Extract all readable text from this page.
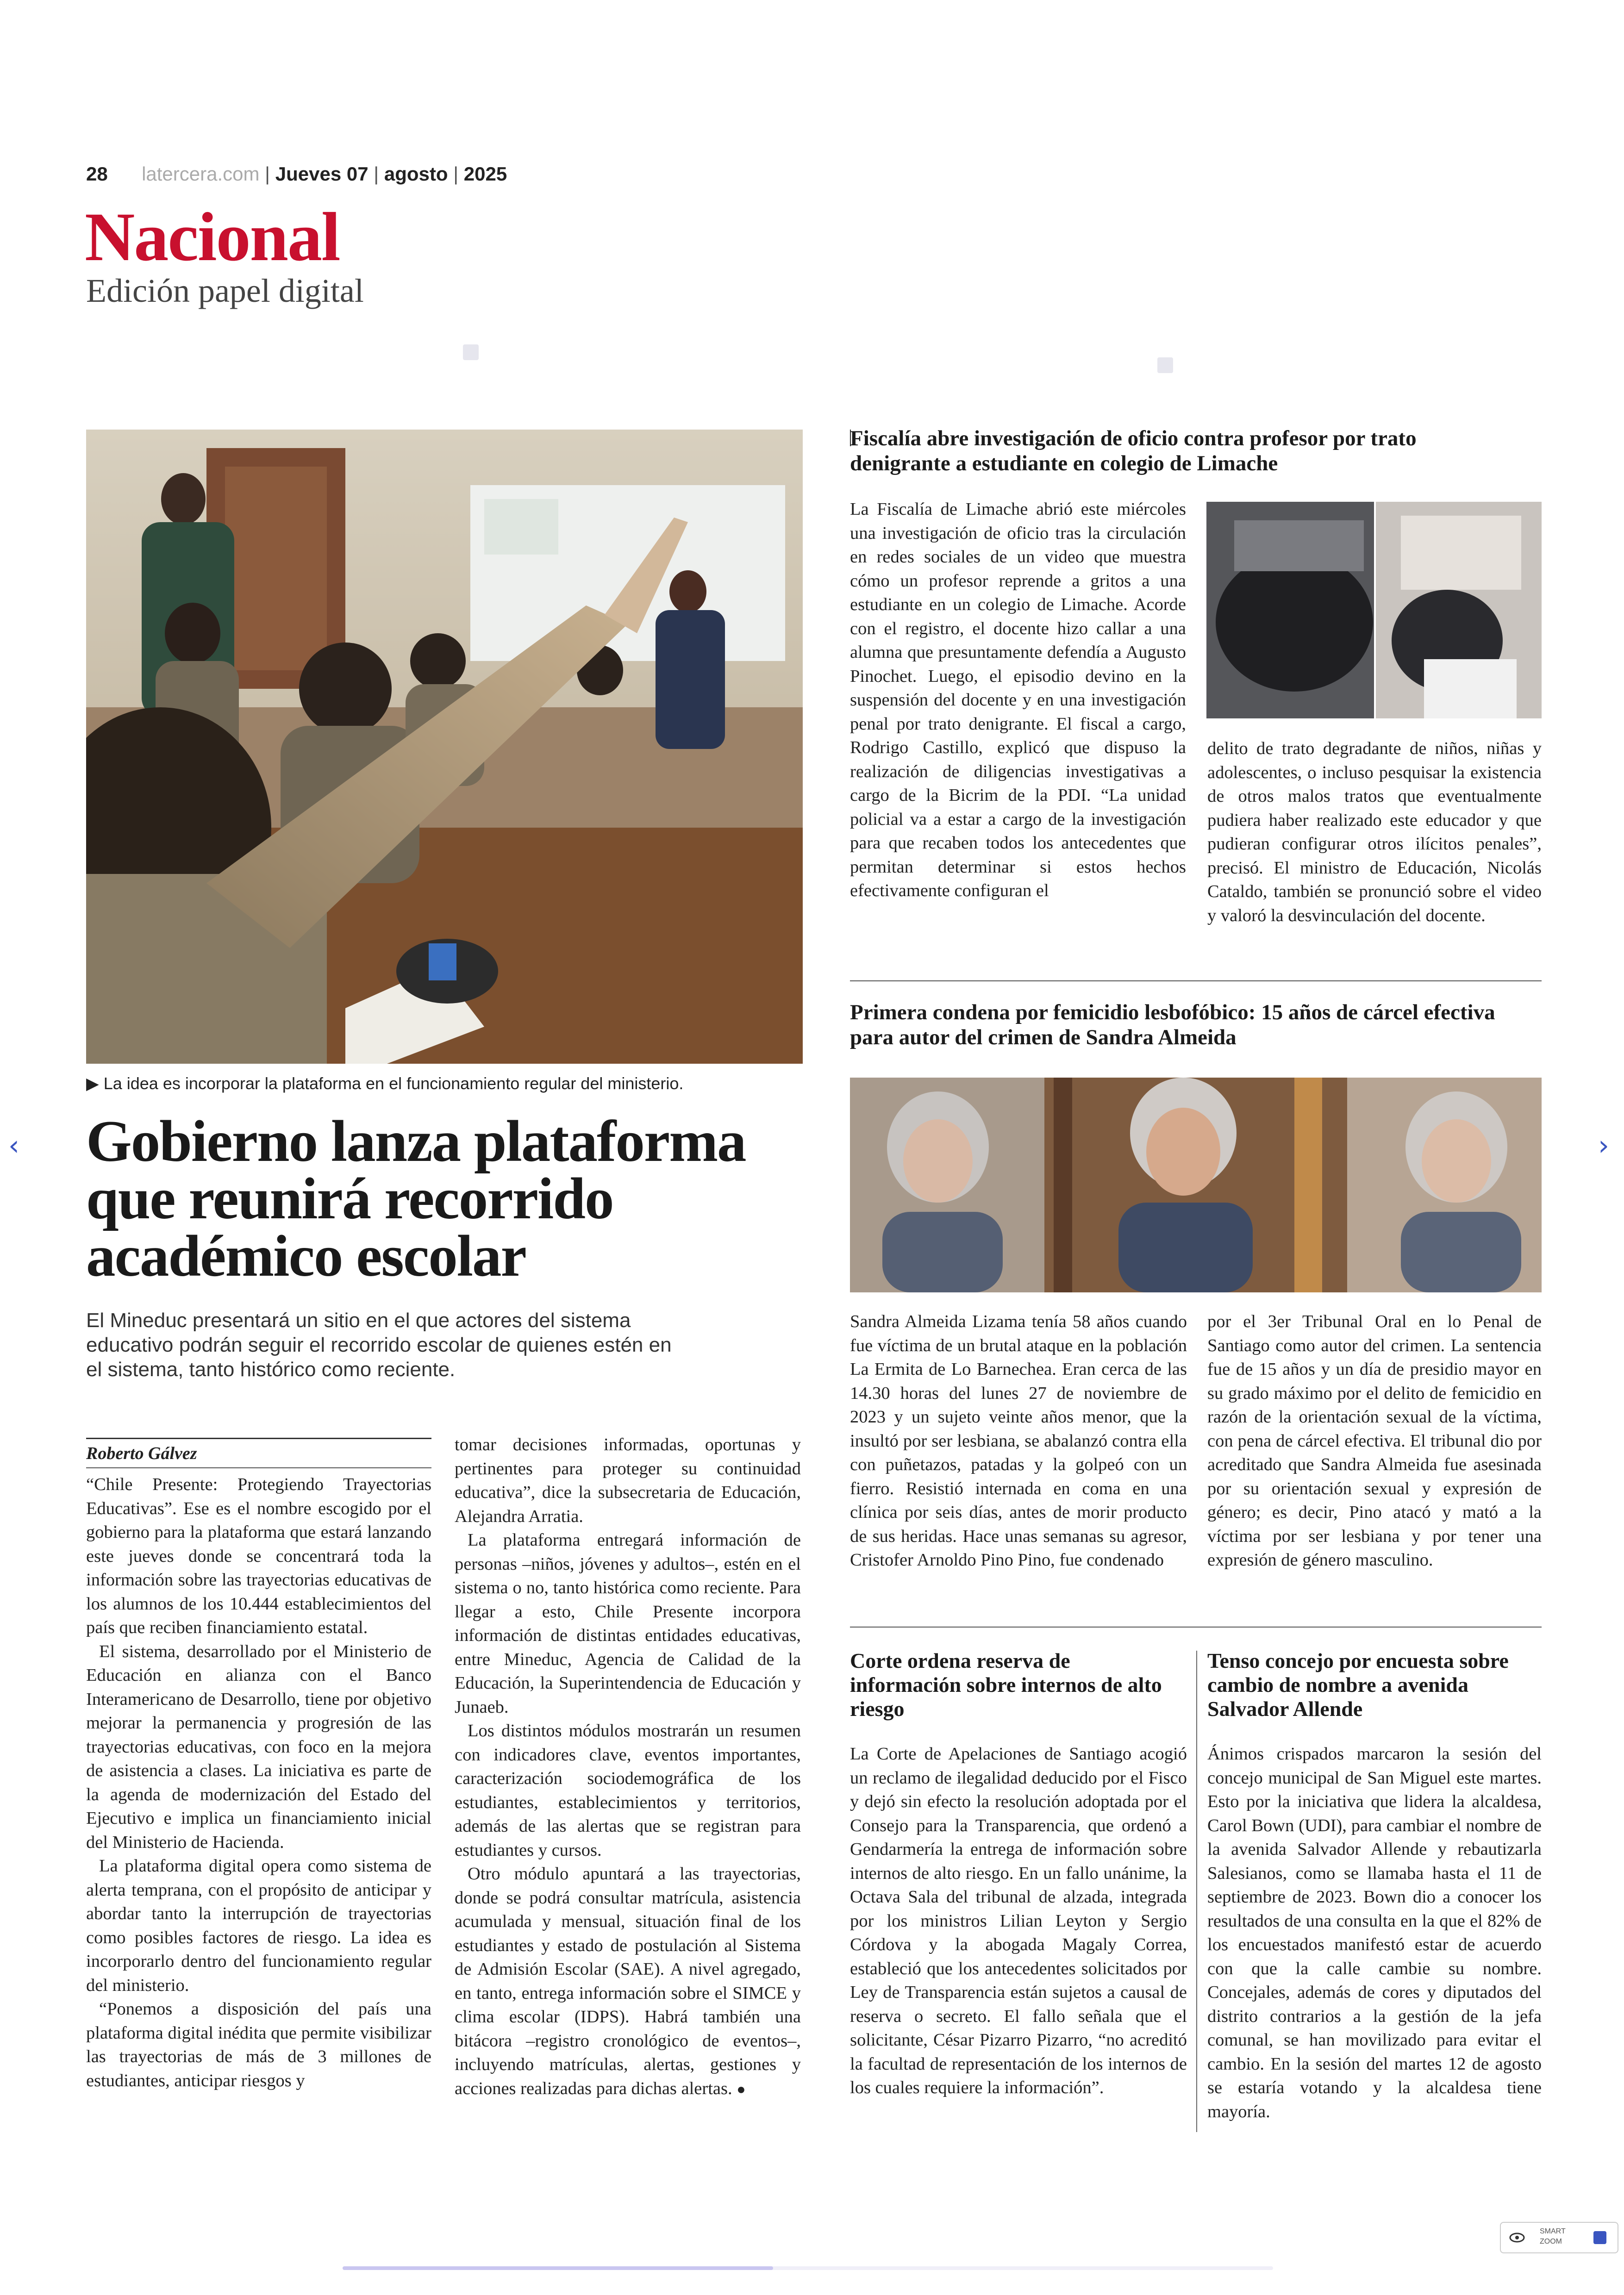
28 latercera.com | Jueves 07 | agosto | 2025
Nacional
Edición papel digital
▶ La idea es incorporar la plataforma en el funcionamiento regular del ministerio.
Gobierno lanza plataforma que reunirá recorrido académico escolar
El Mineduc presentará un sitio en el que actores del sistema educativo podrán seguir el recorrido escolar de quienes estén en el sistema, tanto histórico como reciente.
Roberto Gálvez

“Chile Presente: Protegiendo Trayectorias Educativas”. Ese es el nombre escogido por el gobierno para la plataforma que estará lanzando este jueves donde se concentrará toda la información sobre las trayectorias educativas de los alumnos de los 10.444 establecimientos del país que reciben financiamiento estatal.

El sistema, desarrollado por el Ministerio de Educación en alianza con el Banco Interamericano de Desarrollo, tiene por objetivo mejorar la permanencia y progresión de las trayectorias educativas, con foco en la mejora de asistencia a clases. La iniciativa es parte de la agenda de modernización del Estado del Ejecutivo e implica un financiamiento inicial del Ministerio de Hacienda.

La plataforma digital opera como sistema de alerta temprana, con el propósito de anticipar y abordar tanto la interrupción de trayectorias como posibles factores de riesgo. La idea es incorporarlo dentro del funcionamiento regular del ministerio.

“Ponemos a disposición del país una plataforma digital inédita que permite visibilizar las trayectorias de más de 3 millones de estudiantes, anticipar riesgos y

tomar decisiones informadas, oportunas y pertinentes para proteger su continuidad educativa”, dice la subsecretaria de Educación, Alejandra Arratia.

La plataforma entregará información de personas –niños, jóvenes y adultos–, estén en el sistema o no, tanto histórica como reciente. Para llegar a esto, Chile Presente incorpora información de distintas entidades educativas, entre Mineduc, Agencia de Calidad de la Educación, la Superintendencia de Educación y Junaeb.

Los distintos módulos mostrarán un resumen con indicadores clave, eventos importantes, caracterización sociodemográfica de los estudiantes, establecimientos y territorios, además de las alertas que se registran para estudiantes y cursos.

Otro módulo apuntará a las trayectorias, donde se podrá consultar matrícula, asistencia acumulada y mensual, situación final de los estudiantes y estado de postulación al Sistema de Admisión Escolar (SAE). A nivel agregado, en tanto, entrega información sobre el SIMCE y clima escolar (IDPS). Habrá también una bitácora –registro cronológico de eventos–, incluyendo matrículas, alertas, gestiones y acciones realizadas para dichas alertas. ●

Fiscalía abre investigación de oficio contra profesor por trato denigrante a estudiante en colegio de Limache
La Fiscalía de Limache abrió este miércoles una investigación de oficio tras la circulación en redes sociales de un video que muestra cómo un profesor reprende a gritos a una estudiante en un colegio de Limache. Acorde con el registro, el docente hizo callar a una alumna que presuntamente defendía a Augusto Pinochet. Luego, el episodio devino en la suspensión del docente y en una investigación penal por trato denigrante. El fiscal a cargo, Rodrigo Castillo, explicó que dispuso la realización de diligencias investigativas a cargo de la Bicrim de la PDI. “La unidad policial va a estar a cargo de la investigación para que recaben todos los antecedentes que permitan determinar si estos hechos efectivamente configuran el
delito de trato degradante de niños, niñas y adolescentes, o incluso pesquisar la existencia de otros malos tratos que eventualmente pudiera haber realizado este educador y que pudieran configurar otros ilícitos penales”, precisó. El ministro de Educación, Nicolás Cataldo, también se pronunció sobre el video y valoró la desvinculación del docente.
Primera condena por femicidio lesbofóbico: 15 años de cárcel efectiva para autor del crimen de Sandra Almeida
Sandra Almeida Lizama tenía 58 años cuando fue víctima de un brutal ataque en la población La Ermita de Lo Barnechea. Eran cerca de las 14.30 horas del lunes 27 de noviembre de 2023 y un sujeto veinte años menor, que la insultó por ser lesbiana, se abalanzó contra ella con puñetazos, patadas y la golpeó con un fierro. Resistió internada en coma en una clínica por seis días, antes de morir producto de sus heridas. Hace unas semanas su agresor, Cristofer Arnoldo Pino Pino, fue condenado
por el 3er Tribunal Oral en lo Penal de Santiago como autor del crimen. La sentencia fue de 15 años y un día de presidio mayor en su grado máximo por el delito de femicidio en razón de la orientación sexual de la víctima, con pena de cárcel efectiva. El tribunal dio por acreditado que Sandra Almeida fue asesinada por su orientación sexual y expresión de género; es decir, Pino atacó y mató a la víctima por ser lesbiana y por tener una expresión de género masculino.
Corte ordena reserva de información sobre internos de alto riesgo
La Corte de Apelaciones de Santiago acogió un reclamo de ilegalidad deducido por el Fisco y dejó sin efecto la resolución adoptada por el Consejo para la Transparencia, que ordenó a Gendarmería la entrega de información sobre internos de alto riesgo. En un fallo unánime, la Octava Sala del tribunal de alzada, integrada por los ministros Lilian Leyton y Sergio Córdova y la abogada Magaly Correa, estableció que los antecedentes solicitados por Ley de Transparencia están sujetos a causal de reserva o secreto. El fallo señala que el solicitante, César Pizarro Pizarro, “no acreditó la facultad de representación de los internos de los cuales requiere la información”.
Tenso concejo por encuesta sobre cambio de nombre a avenida Salvador Allende
Ánimos crispados marcaron la sesión del concejo municipal de San Miguel este martes. Esto por la iniciativa que lidera la alcaldesa, Carol Bown (UDI), para cambiar el nombre de la avenida Salvador Allende y rebautizarla Salesianos, como se llamaba hasta el 11 de septiembre de 2023. Bown dio a conocer los resultados de una consulta en la que el 82% de los encuestados manifestó estar de acuerdo con que la calle cambie su nombre. Concejales, además de cores y diputados del distrito contrarios a la gestión de la jefa comunal, se han movilizado para evitar el cambio. En la sesión del martes 12 de agosto se estaría votando y la alcaldesa tiene mayoría.
‹	›
SMART ZOOM
